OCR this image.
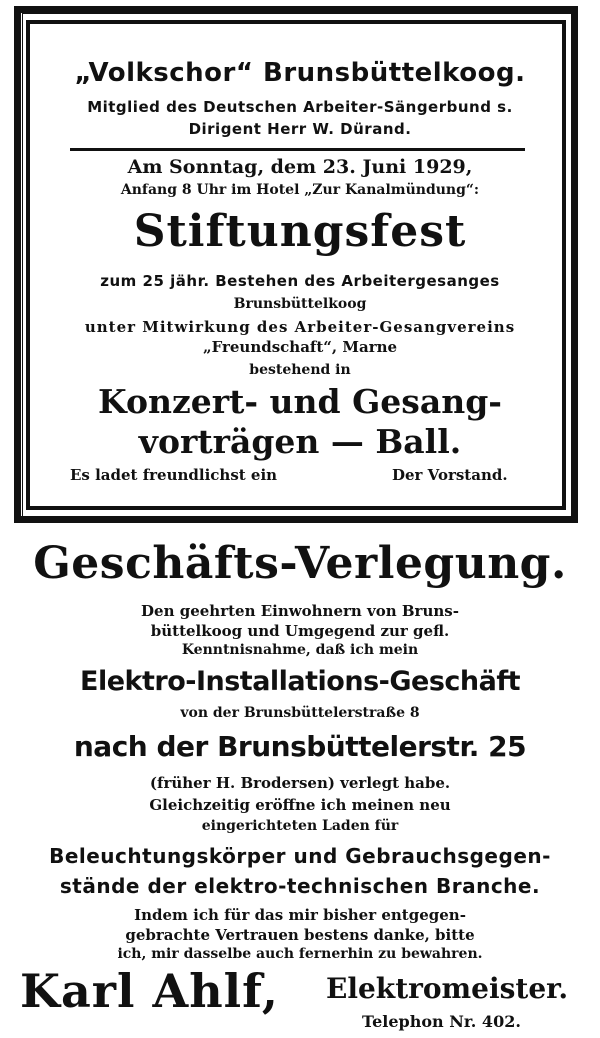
„Volkschor“ Brunsbüttelkoog.
Mitglied des Deutschen Arbeiter-Sängerbund s.
Dirigent Herr W. Dürand.
Am Sonntag, dem 23. Juni 1929,
Anfang 8 Uhr im Hotel „Zur Kanalmündung“:
Stiftungsfest
zum 25 jähr. Bestehen des Arbeitergesanges
Brunsbüttelkoog
unter Mitwirkung des Arbeiter-Gesangvereins
„Freundschaft“, Marne
bestehend in
Konzert- und Gesang-
vorträgen — Ball.
Es ladet freundlichst ein	Der Vorstand.
Geschäfts-Verlegung.
Den geehrten Einwohnern von Bruns-
büttelkoog und Umgegend zur gefl.
Kenntnisnahme, daß ich mein
Elektro-Installations-Geschäft
von der Brunsbüttelerstraße 8
nach der Brunsbüttelerstr. 25
(früher H. Brodersen) verlegt habe.
Gleichzeitig eröffne ich meinen neu
eingerichteten Laden für
Beleuchtungskörper und Gebrauchsgegen-
stände der elektro-technischen Branche.
Indem ich für das mir bisher entgegen-
gebrachte Vertrauen bestens danke, bitte
ich, mir dasselbe auch fernerhin zu bewahren.
Karl Ahlf, Elektromeister.
Telephon Nr. 402.
